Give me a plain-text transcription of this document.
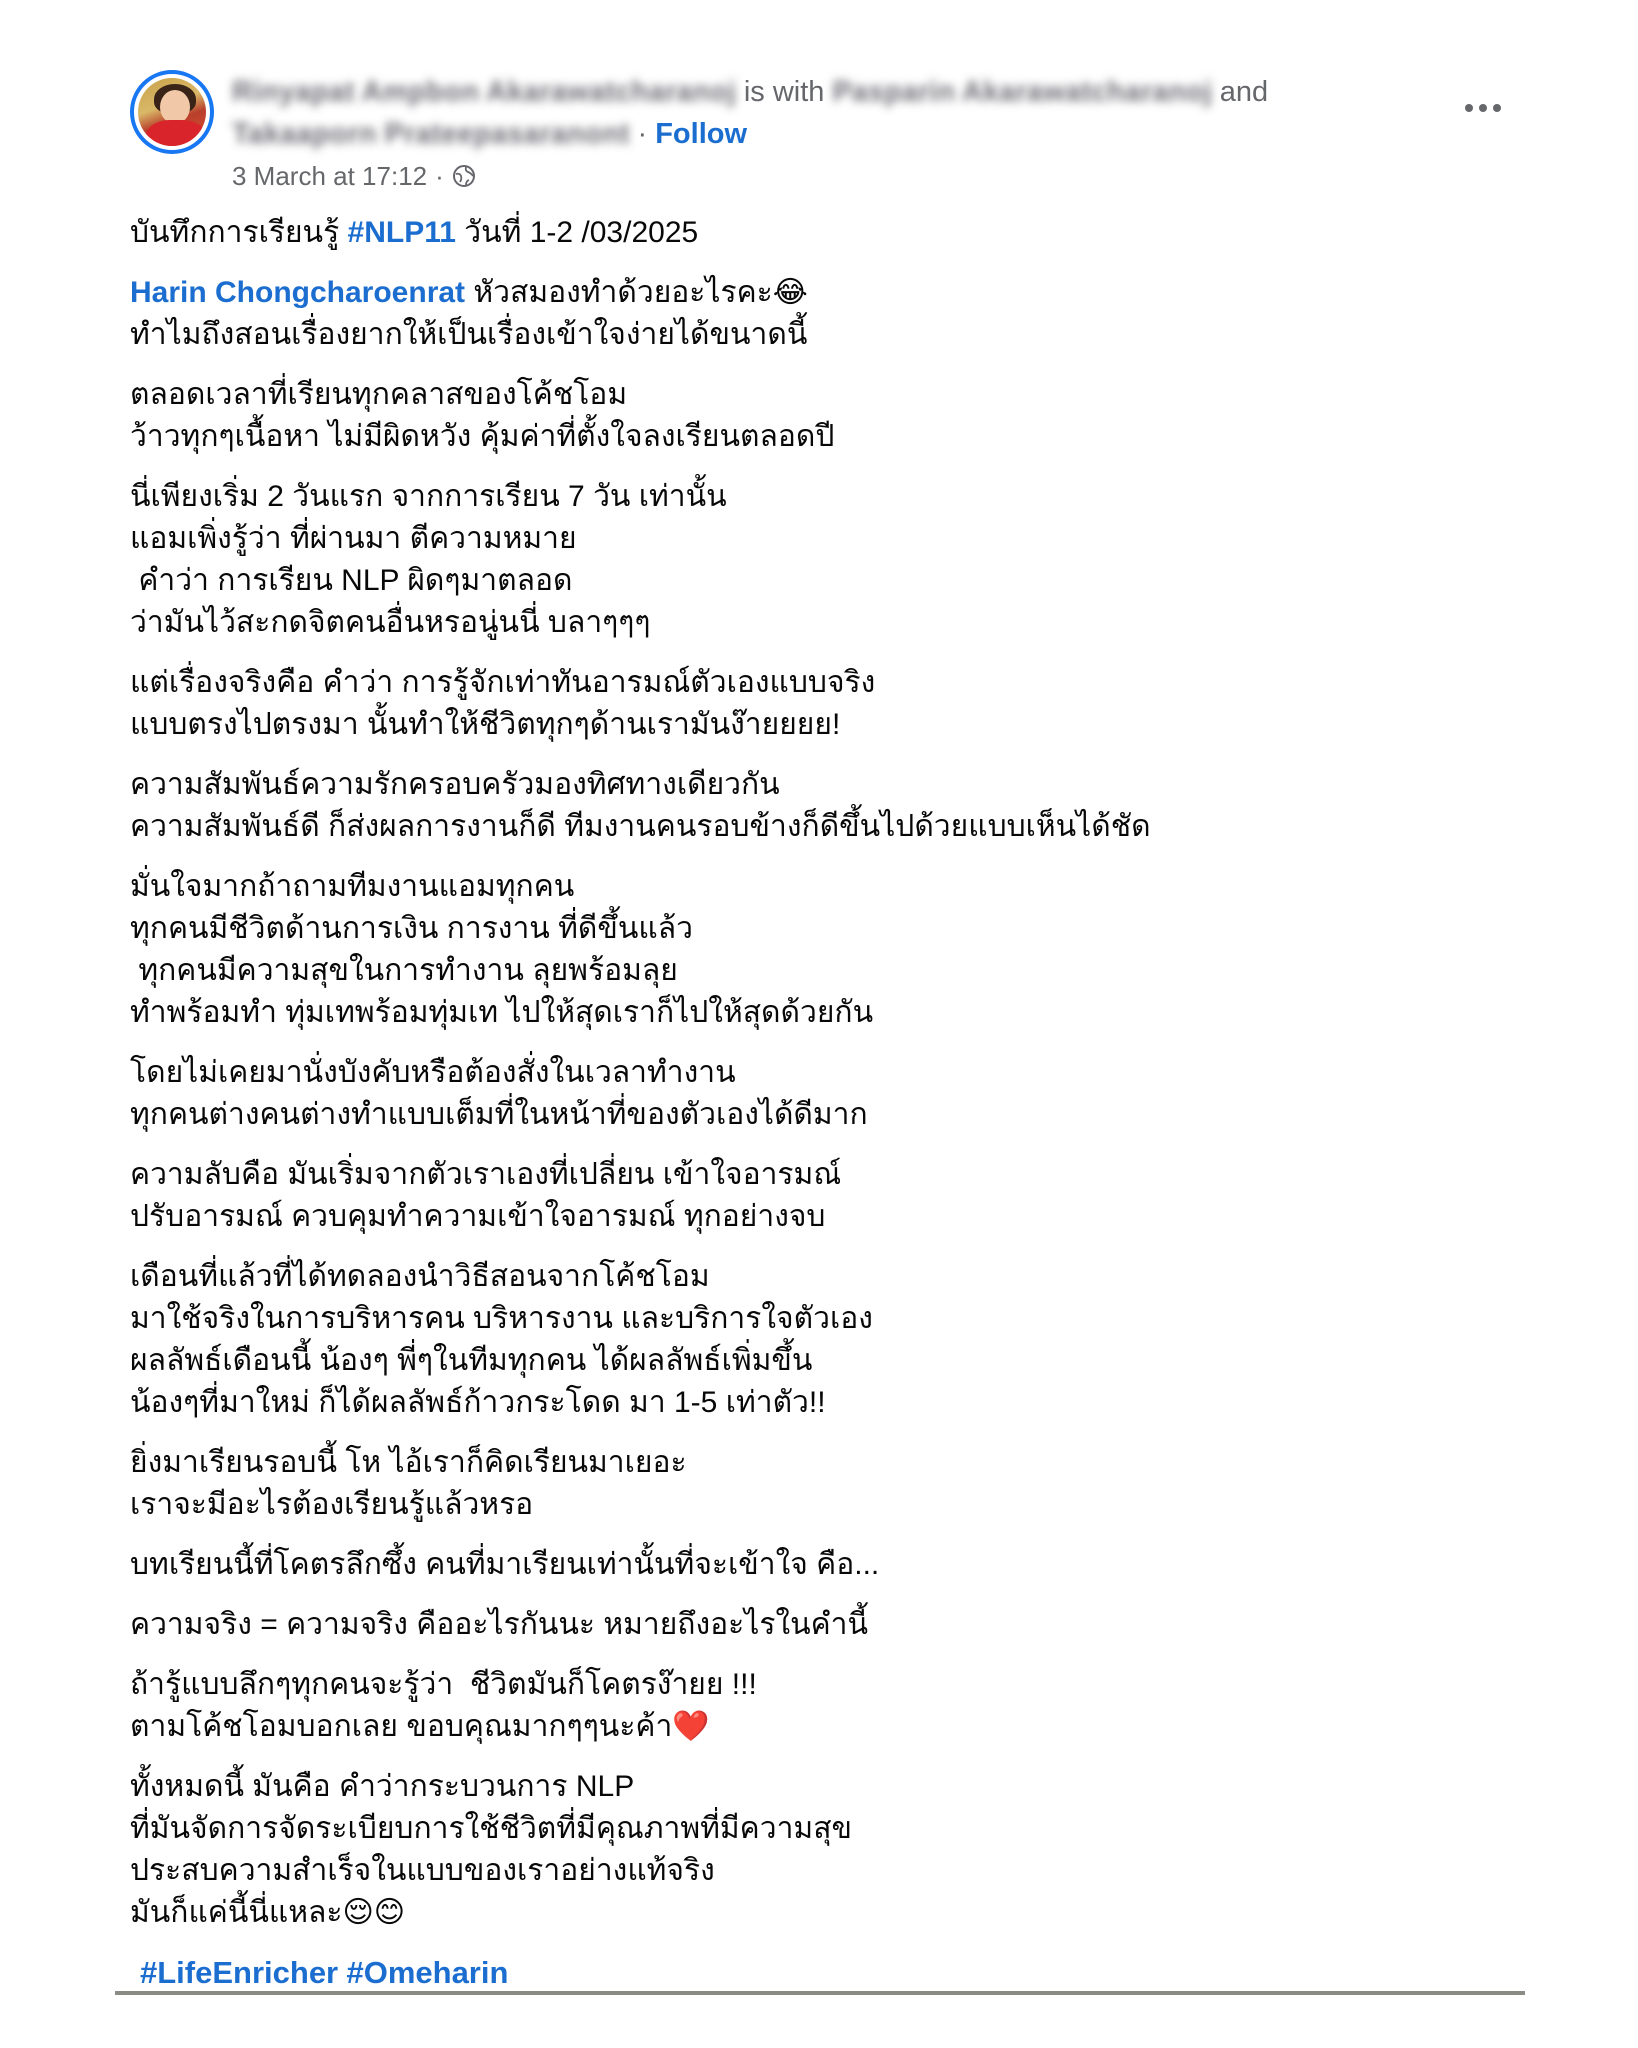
Rinyapat Ampbon Akarawatcharanoj is with Pasparin Akarawatcharanoj and
Takaaporn Prateepasaranont · Follow
3 March at 17:12 ·
บันทึกการเรียนรู้ #NLP11 วันที่ 1-2 /03/2025
Harin Chongcharoenrat หัวสมองทำด้วยอะไรคะ😂
ทำไมถึงสอนเรื่องยากให้เป็นเรื่องเข้าใจง่ายได้ขนาดนี้
ตลอดเวลาที่เรียนทุกคลาสของโค้ชโอม
ว้าวทุกๆเนื้อหา ไม่มีผิดหวัง คุ้มค่าที่ตั้งใจลงเรียนตลอดปี
นี่เพียงเริ่ม 2 วันแรก จากการเรียน 7 วัน เท่านั้น
แอมเพิ่งรู้ว่า ที่ผ่านมา ตีความหมาย
คำว่า การเรียน NLP ผิดๆมาตลอด
ว่ามันไว้สะกดจิตคนอื่นหรอนู่นนี่ บลาๆๆๆ
แต่เรื่องจริงคือ คำว่า การรู้จักเท่าทันอารมณ์ตัวเองแบบจริง
แบบตรงไปตรงมา นั้นทำให้ชีวิตทุกๆด้านเรามันง๊ายยยย!
ความสัมพันธ์ความรักครอบครัวมองทิศทางเดียวกัน
ความสัมพันธ์ดี ก็ส่งผลการงานก็ดี ทีมงานคนรอบข้างก็ดีขึ้นไปด้วยแบบเห็นได้ชัด
มั่นใจมากถ้าถามทีมงานแอมทุกคน
ทุกคนมีชีวิตด้านการเงิน การงาน ที่ดีขึ้นแล้ว
ทุกคนมีความสุขในการทำงาน ลุยพร้อมลุย
ทำพร้อมทำ ทุ่มเทพร้อมทุ่มเท ไปให้สุดเราก็ไปให้สุดด้วยกัน
โดยไม่เคยมานั่งบังคับหรือต้องสั่งในเวลาทำงาน
ทุกคนต่างคนต่างทำแบบเต็มที่ในหน้าที่ของตัวเองได้ดีมาก
ความลับคือ มันเริ่มจากตัวเราเองที่เปลี่ยน เข้าใจอารมณ์
ปรับอารมณ์ ควบคุมทำความเข้าใจอารมณ์ ทุกอย่างจบ
เดือนที่แล้วที่ได้ทดลองนำวิธีสอนจากโค้ชโอม
มาใช้จริงในการบริหารคน บริหารงาน และบริการใจตัวเอง
ผลลัพธ์เดือนนี้ น้องๆ พี่ๆในทีมทุกคน ได้ผลลัพธ์เพิ่มขึ้น
น้องๆที่มาใหม่ ก็ได้ผลลัพธ์ก้าวกระโดด มา 1-5 เท่าตัว!!
ยิ่งมาเรียนรอบนี้ โห ไอ้เราก็คิดเรียนมาเยอะ
เราจะมีอะไรต้องเรียนรู้แล้วหรอ
บทเรียนนี้ที่โคตรลึกซึ้ง คนที่มาเรียนเท่านั้นที่จะเข้าใจ คือ...
ความจริง = ความจริง คืออะไรกันนะ หมายถึงอะไรในคำนี้
ถ้ารู้แบบลึกๆทุกคนจะรู้ว่า  ชีวิตมันก็โคตรง๊ายย !!!
ตามโค้ชโอมบอกเลย ขอบคุณมากๆๆนะค้า❤️
ทั้งหมดนี้ มันคือ คำว่ากระบวนการ NLP
ที่มันจัดการจัดระเบียบการใช้ชีวิตที่มีคุณภาพที่มีความสุข
ประสบความสำเร็จในแบบของเราอย่างแท้จริง
มันก็แค่นี้นี่แหละ😌😊
#LifeEnricher #Omeharin
